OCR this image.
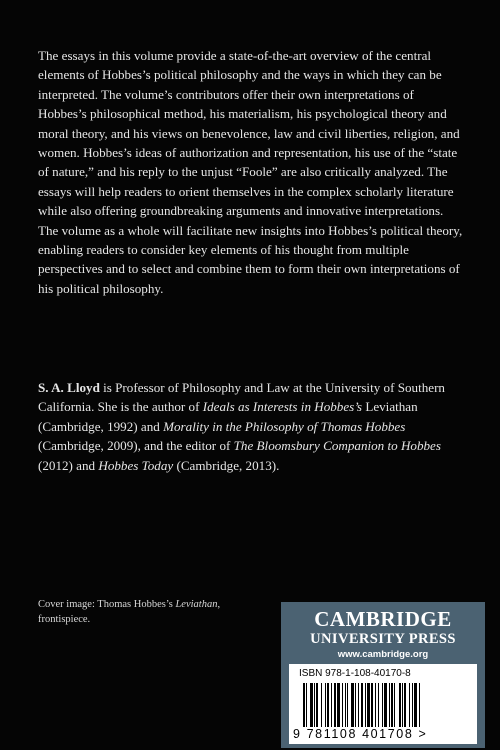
The essays in this volume provide a state-of-the-art overview of the central elements of Hobbes’s political philosophy and the ways in which they can be interpreted. The volume’s contributors offer their own interpretations of Hobbes’s philosophical method, his materialism, his psychological theory and moral theory, and his views on benevolence, law and civil liberties, religion, and women. Hobbes’s ideas of authorization and representation, his use of the “state of nature,” and his reply to the unjust “Foole” are also critically analyzed. The essays will help readers to orient themselves in the complex scholarly literature while also offering groundbreaking arguments and innovative interpretations. The volume as a whole will facilitate new insights into Hobbes’s political theory, enabling readers to consider key elements of his thought from multiple perspectives and to select and combine them to form their own interpretations of his political philosophy.

S. A. Lloyd is Professor of Philosophy and Law at the University of Southern California. She is the author of Ideals as Interests in Hobbes’s Leviathan (Cambridge, 1992) and Morality in the Philosophy of Thomas Hobbes (Cambridge, 2009), and the editor of The Bloomsbury Companion to Hobbes (2012) and Hobbes Today (Cambridge, 2013).

Cover image: Thomas Hobbes’s Leviathan, frontispiece.	CAMBRIDGE
UNIVERSITY PRESS
www.cambridge.org
ISBN 978-1-108-40170-8
9 781108 401708 >
